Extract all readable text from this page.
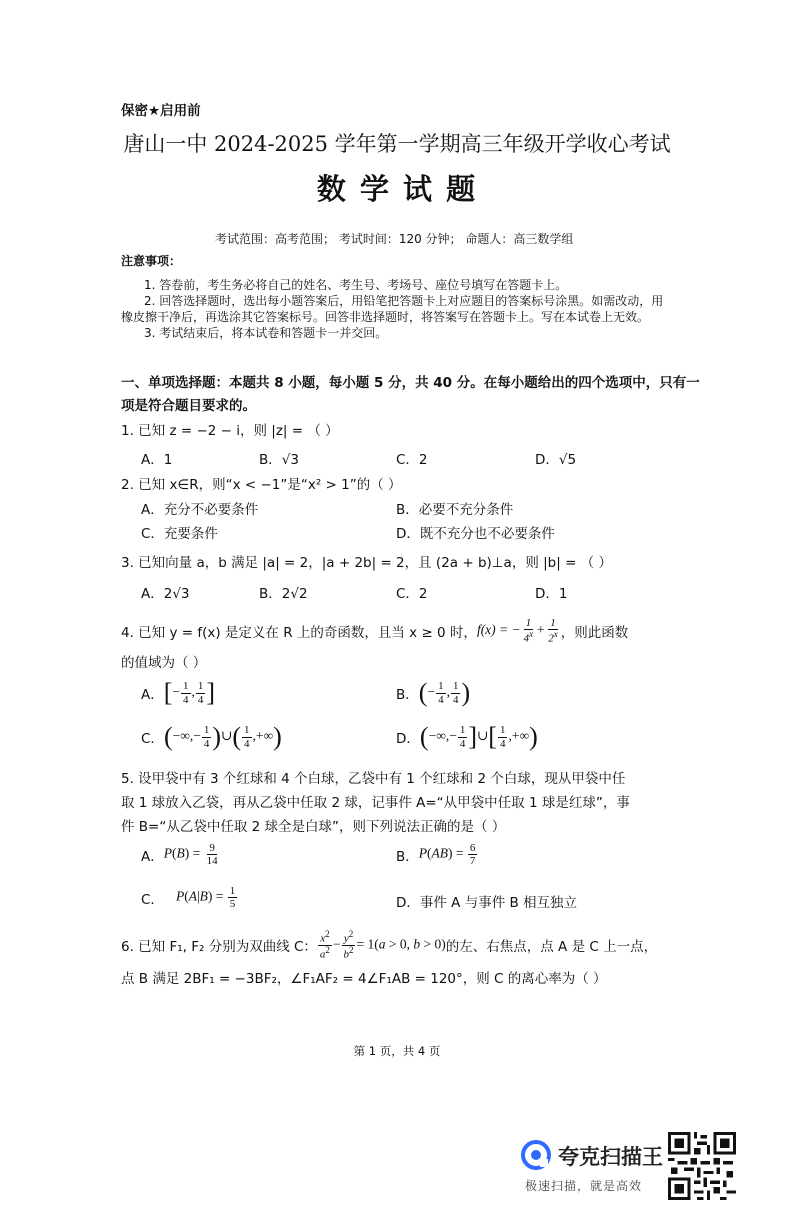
保密★启用前
唐山一中 2024-2025 学年第一学期高三年级开学收心考试
数 学 试 题
考试范围：高考范围； 考试时间：120 分钟； 命题人：高三数学组
注意事项：
1. 答卷前，考生务必将自己的姓名、考生号、考场号、座位号填写在答题卡上。
2. 回答选择题时，选出每小题答案后，用铅笔把答题卡上对应题目的答案标号涂黑。如需改动，用
橡皮擦干净后，再选涂其它答案标号。回答非选择题时，将答案写在答题卡上。写在本试卷上无效。
3. 考试结束后，将本试卷和答题卡一并交回。
一、单项选择题：本题共 8 小题，每小题 5 分，共 40 分。在每小题给出的四个选项中，只有一
项是符合题目要求的。
1. 已知 z = −2 − i，则 |z| = （ ）
A．1	B．√3	C．2	D．√5
2. 已知 x∈R，则“x < −1”是“x² > 1”的（ ）
A．充分不必要条件	B．必要不充分条件
C．充要条件	D．既不充分也不必要条件
3. 已知向量 a，b 满足 |a| = 2，|a + 2b| = 2，且 (2a + b)⊥a，则 |b| = （ ）
A．2√3	B．2√2	C．2	D．1
4. 已知 y = f(x) 是定义在 R 上的奇函数，且当 x ≥ 0 时， f(x) = − $\frac{1}{4^x} + \frac{1}{2^x}$ ，则此函数
的值域为（ ）
A． [− $\frac{1}{4}$ , $\frac{1}{4}$ ]	B． (− $\frac{1}{4}$ , $\frac{1}{4}$ )
C． (−∞,− $\frac{1}{4}$ )∪( $\frac{1}{4}$ ,+∞)	D． (−∞,− $\frac{1}{4}$ ]∪[ $\frac{1}{4}$ ,+∞)
5. 设甲袋中有 3 个红球和 4 个白球，乙袋中有 1 个红球和 2 个白球，现从甲袋中任
取 1 球放入乙袋，再从乙袋中任取 2 球，记事件 A=“从甲袋中任取 1 球是红球”，事
件 B=“从乙袋中任取 2 球全是白球”，则下列说法正确的是（ ）
A． $P(B) = \frac{9}{14}$	B． $P(AB) = \frac{6}{7}$
C． $P(A|B) = \frac{1}{5}$	D．事件 A 与事件 B 相互独立
6. 已知 F₁, F₂ 分别为双曲线 C： $\frac{x^2}{a^2} - \frac{y^2}{b^2} = 1(a > 0$, b > 0) 的左、右焦点，点 A 是 C 上一点，
点 B 满足 2BF₁ = −3BF₂，∠F₁AF₂ = 4∠F₁AB = 120°，则 C 的离心率为（ ）
第 1 页，共 4 页
夸克扫描王
极速扫描，就是高效
